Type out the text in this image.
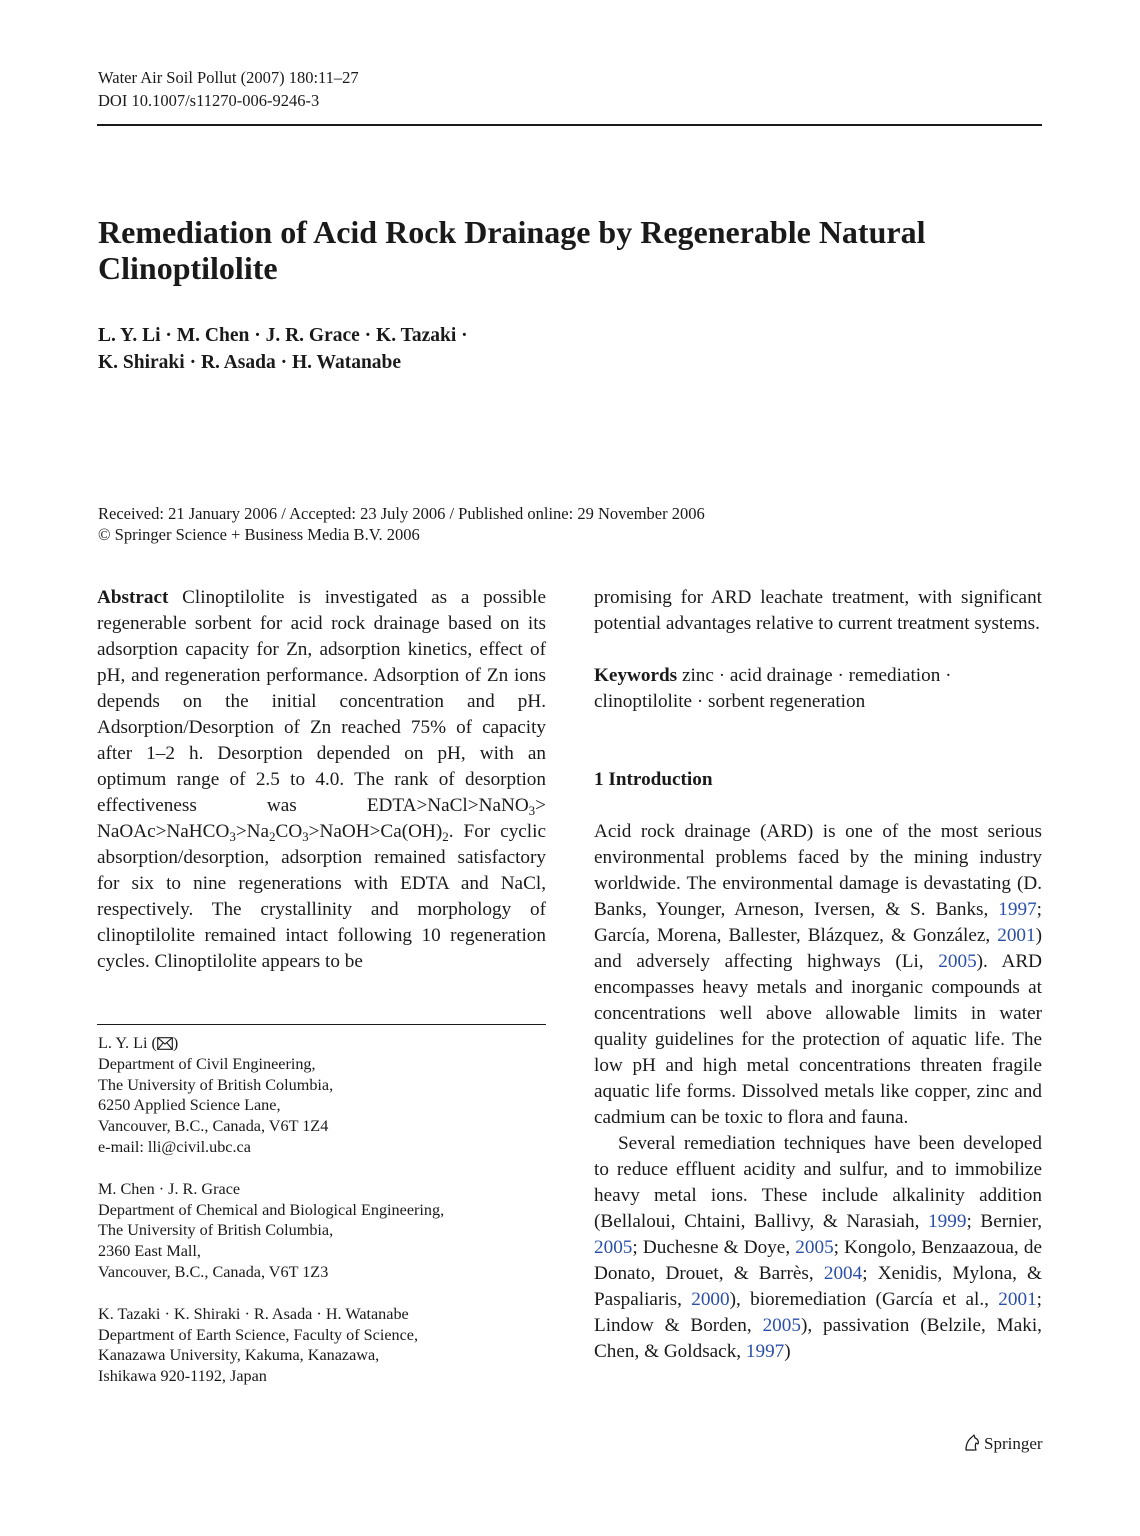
Water Air Soil Pollut (2007) 180:11–27
DOI 10.1007/s11270-006-9246-3
Remediation of Acid Rock Drainage by Regenerable Natural Clinoptilolite
L. Y. Li · M. Chen · J. R. Grace · K. Tazaki ·
K. Shiraki · R. Asada · H. Watanabe
Received: 21 January 2006 / Accepted: 23 July 2006 / Published online: 29 November 2006
© Springer Science + Business Media B.V. 2006

Abstract Clinoptilolite is investigated as a possible regenerable sorbent for acid rock drainage based on its adsorption capacity for Zn, adsorption kinetics, effect of pH, and regeneration performance. Adsorption of Zn ions depends on the initial concentration and pH. Adsorption/Desorption of Zn reached 75% of capacity after 1–2 h. Desorption depended on pH, with an optimum range of 2.5 to 4.0. The rank of desorption effectiveness was EDTA>NaCl>NaNO$_3$> $NaOAc>NaHCO_3>Na_2CO_3>NaOH>Ca(OH)_2$. For cyclic absorption/desorption, adsorption remained satisfactory for six to nine regenerations with EDTA and NaCl, respectively. The crystallinity and morphology of clinoptilolite remained intact following 10 regeneration cycles. Clinoptilolite appears to be

L. Y. Li ( )
Department of Civil Engineering,
The University of British Columbia,
6250 Applied Science Lane,
Vancouver, B.C., Canada, V6T 1Z4
e-mail: lli@civil.ubc.ca
M. Chen · J. R. Grace
Department of Chemical and Biological Engineering,
The University of British Columbia,
2360 East Mall,
Vancouver, B.C., Canada, V6T 1Z3
K. Tazaki · K. Shiraki · R. Asada · H. Watanabe
Department of Earth Science, Faculty of Science,
Kanazawa University, Kakuma, Kanazawa,
Ishikawa 920-1192, Japan

promising for ARD leachate treatment, with significant potential advantages relative to current treatment systems.

Keywords zinc · acid drainage · remediation · clinoptilolite · sorbent regeneration

1 Introduction

Acid rock drainage (ARD) is one of the most serious environmental problems faced by the mining industry worldwide. The environmental damage is devastating (D. Banks, Younger, Arneson, Iversen, & S. Banks, 1997; García, Morena, Ballester, Blázquez, & González, 2001) and adversely affecting highways (Li, 2005). ARD encompasses heavy metals and inorganic compounds at concentrations well above allowable limits in water quality guidelines for the protection of aquatic life. The low pH and high metal concentrations threaten fragile aquatic life forms. Dissolved metals like copper, zinc and cadmium can be toxic to flora and fauna.

Several remediation techniques have been developed to reduce effluent acidity and sulfur, and to immobilize heavy metal ions. These include alkalinity addition (Bellaloui, Chtaini, Ballivy, & Narasiah, 1999; Bernier, 2005; Duchesne & Doye, 2005; Kongolo, Benzaazoua, de Donato, Drouet, & Barrès, 2004; Xenidis, Mylona, & Paspaliaris, 2000), bioremediation (García et al., 2001; Lindow & Borden, 2005), passivation (Belzile, Maki, Chen, & Goldsack, 1997)

Springer
